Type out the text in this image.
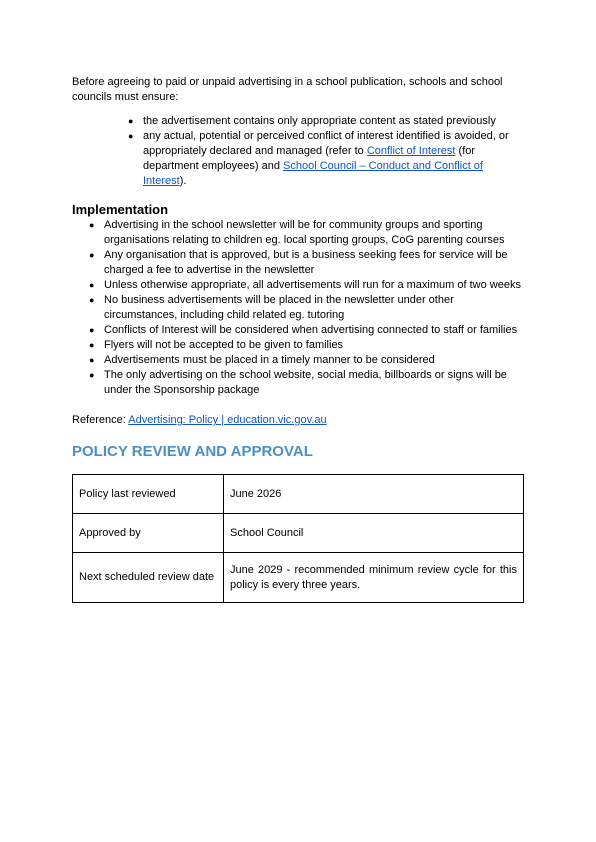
Before agreeing to paid or unpaid advertising in a school publication, schools and school councils must ensure:

● the advertisement contains only appropriate content as stated previously
● any actual, potential or perceived conflict of interest identified is avoided, or appropriately declared and managed (refer to Conflict of Interest (for department employees) and School Council – Conduct and Conflict of Interest).
Implementation
● Advertising in the school newsletter will be for community groups and sporting organisations relating to children eg. local sporting groups, CoG parenting courses
● Any organisation that is approved, but is a business seeking fees for service will be charged a fee to advertise in the newsletter
● Unless otherwise appropriate, all advertisements will run for a maximum of two weeks
● No business advertisements will be placed in the newsletter under other circumstances, including child related eg. tutoring
● Conflicts of Interest will be considered when advertising connected to staff or families
● Flyers will not be accepted to be given to families
● Advertisements must be placed in a timely manner to be considered
● The only advertising on the school website, social media, billboards or signs will be under the Sponsorship package

Reference: Advertising: Policy | education.vic.gov.au

POLICY REVIEW AND APPROVAL
Policy last reviewed	June 2026
Approved by	School Council
Next scheduled review date	June 2029 - recommended minimum review cycle for this policy is every three years.
